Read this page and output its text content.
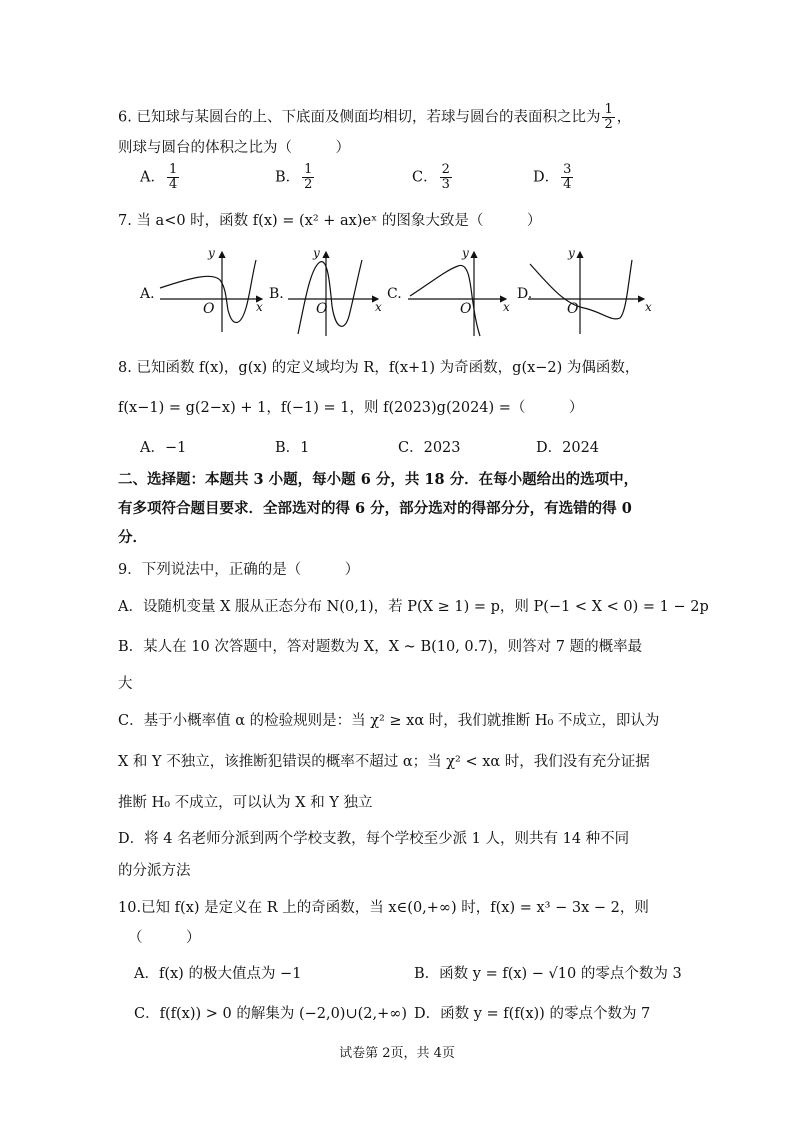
6. 已知球与某圆台的上、下底面及侧面均相切，若球与圆台的表面积之比为 $\frac{1}{2}$ ，
则球与圆台的体积之比为（　　　）
A． $\frac{1}{4}$	B． $\frac{1}{2}$	C． $\frac{2}{3}$	D． $\frac{3}{4}$
7. 当 a<0 时，函数 f(x) = (x² + ax)eˣ 的图象大致是（　　　）
A.	B.	C.	D.
y
x
O
y
x
O
y
x
O
y
x
O
8. 已知函数 f(x)，g(x) 的定义域均为 R，f(x+1) 为奇函数，g(x−2) 为偶函数，
f(x−1) = g(2−x) + 1，f(−1) = 1，则 f(2023)g(2024) =（　　　）
A．−1	B．1	C．2023	D．2024
二、选择题：本题共 3 小题，每小题 6 分，共 18 分．在每小题给出的选项中，
有多项符合题目要求．全部选对的得 6 分，部分选对的得部分分，有选错的得 0
分．
9．下列说法中，正确的是（　　　）
A．设随机变量 X 服从正态分布 N(0,1)，若 P(X ≥ 1) = p，则 P(−1 < X < 0) = 1 − 2p
B．某人在 10 次答题中，答对题数为 X，X ~ B(10, 0.7)，则答对 7 题的概率最
大
C．基于小概率值 α 的检验规则是：当 χ² ≥ xα 时，我们就推断 H₀ 不成立，即认为
X 和 Y 不独立，该推断犯错误的概率不超过 α；当 χ² < xα 时，我们没有充分证据
推断 H₀ 不成立，可以认为 X 和 Y 独立
D．将 4 名老师分派到两个学校支教，每个学校至少派 1 人，则共有 14 种不同
的分派方法
10.已知 f(x) 是定义在 R 上的奇函数，当 x∈(0,+∞) 时，f(x) = x³ − 3x − 2，则
（　　　）
A．f(x) 的极大值点为 −1	B．函数 y = f(x) − √10 的零点个数为 3
C．f(f(x)) > 0 的解集为 (−2,0)∪(2,+∞) D．函数 y = f(f(x)) 的零点个数为 7
试卷第 2页，共 4页
